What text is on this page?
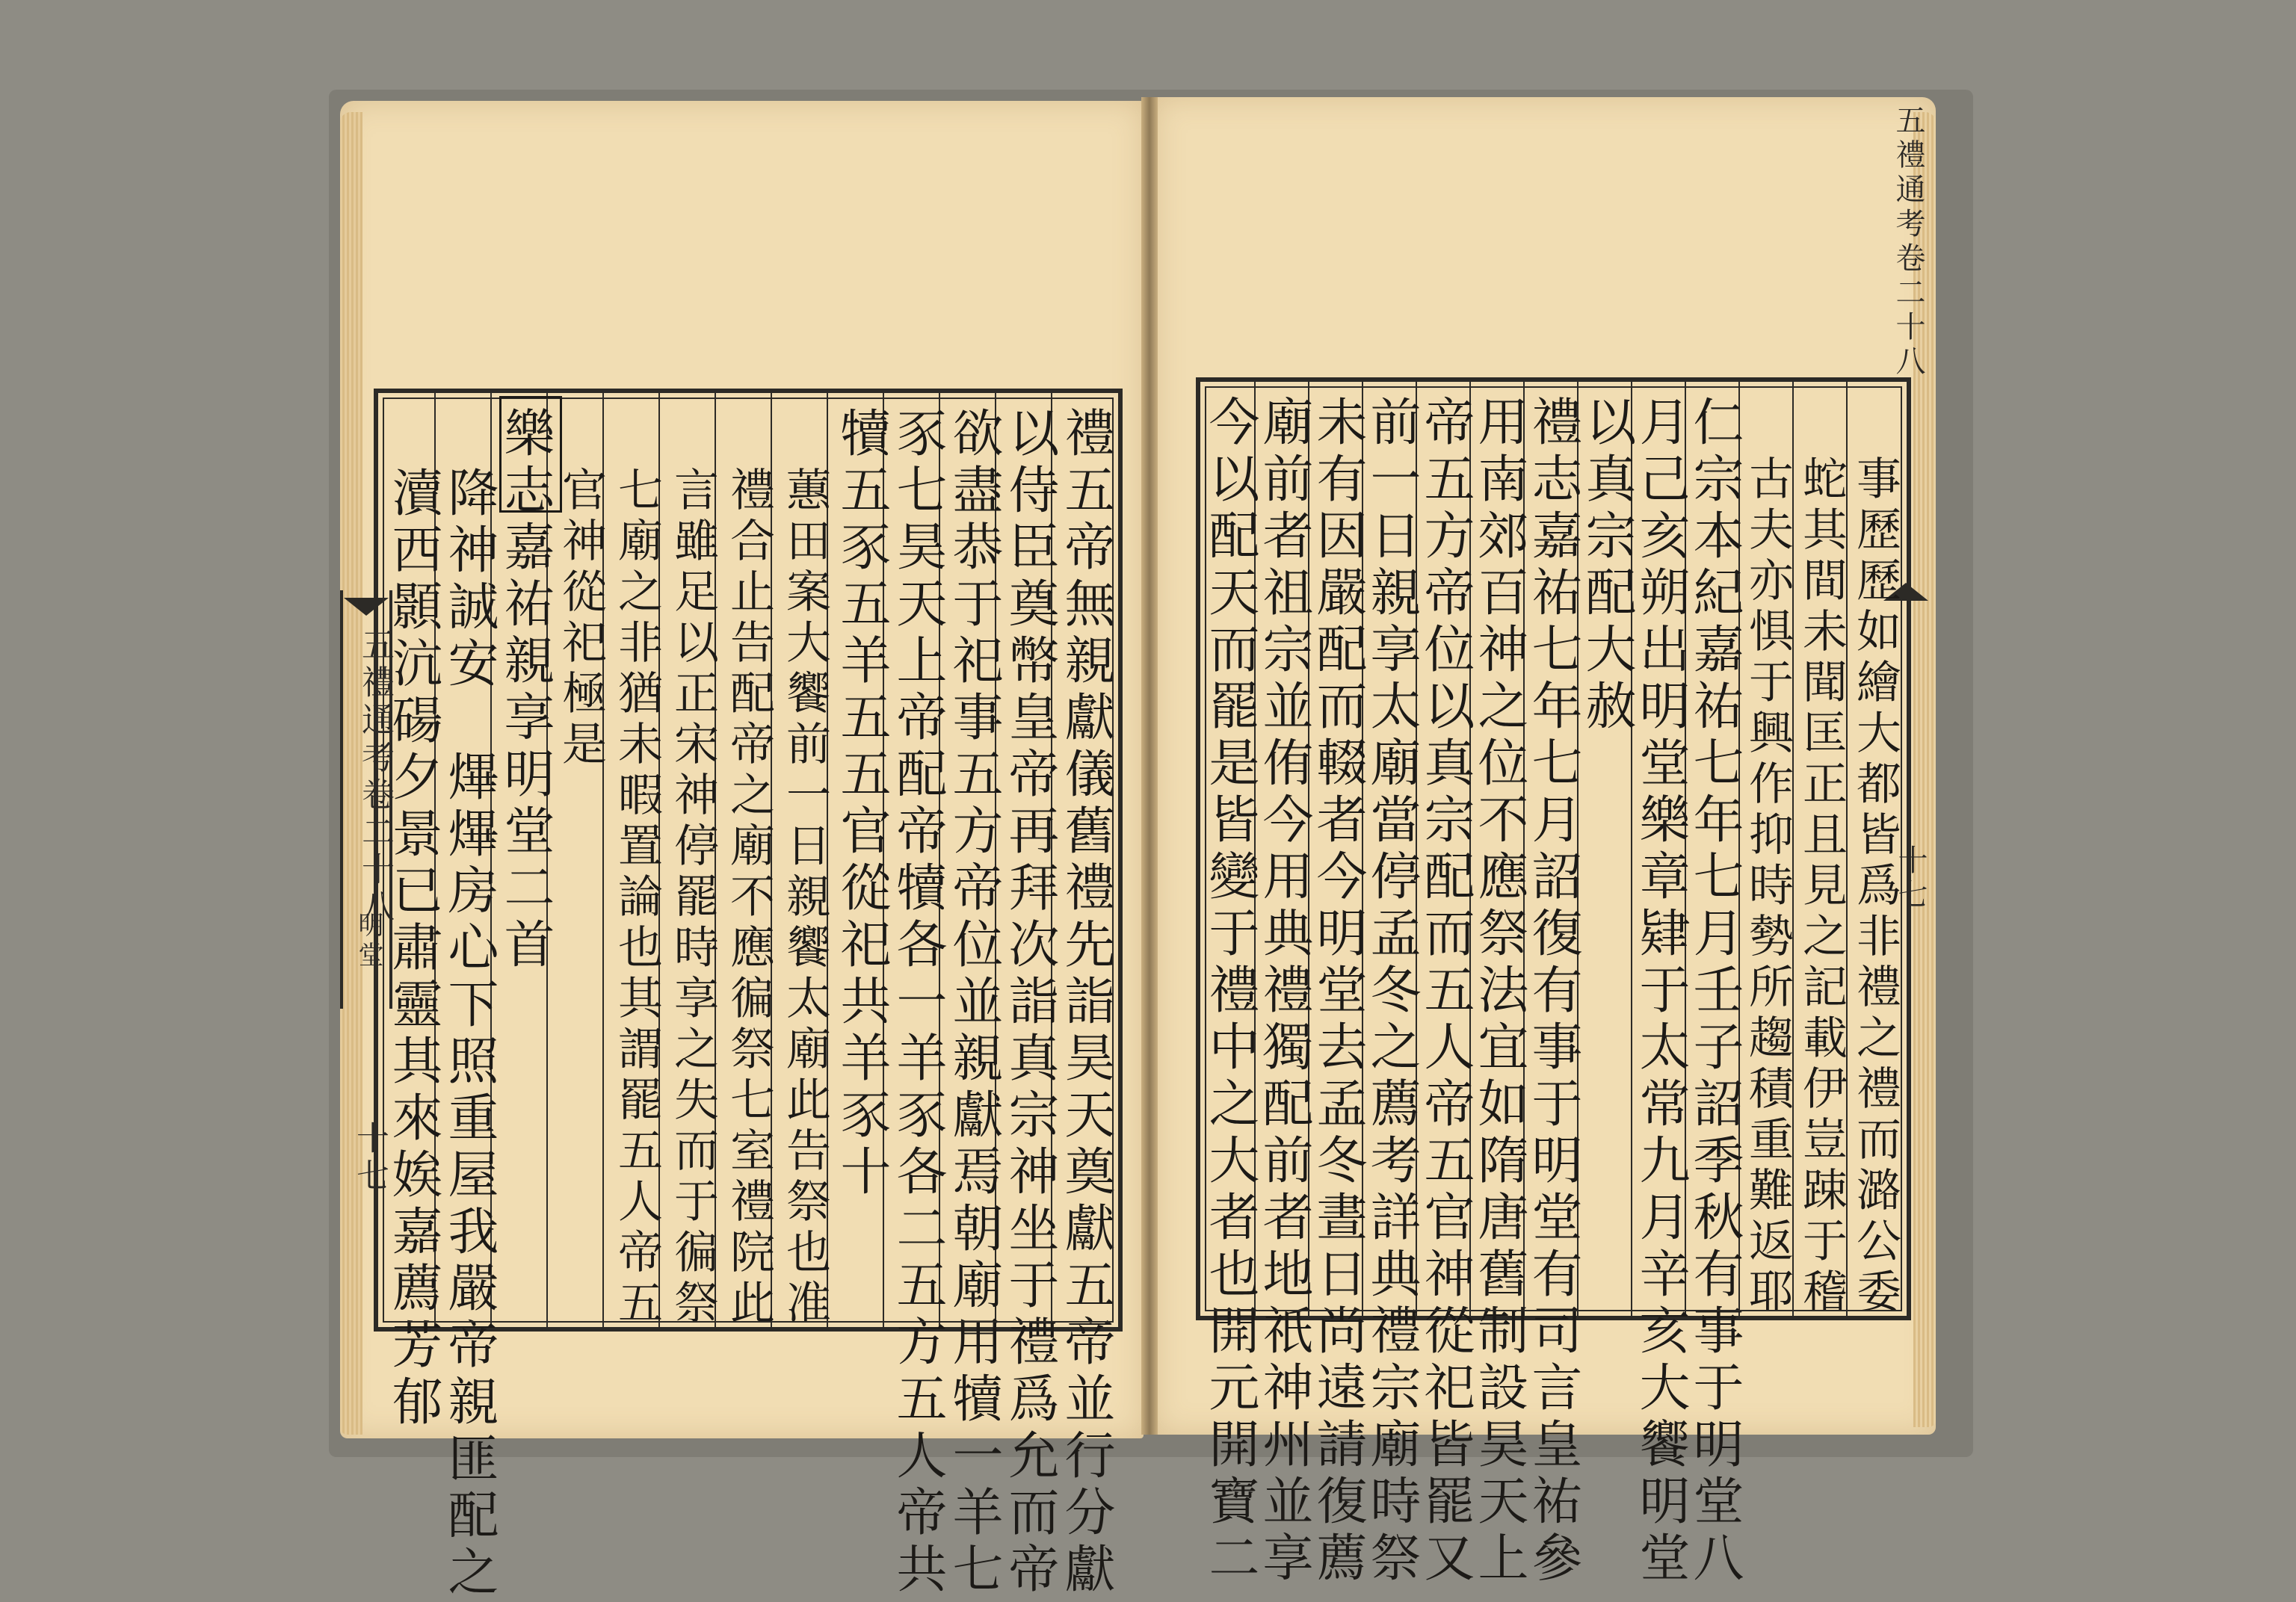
五禮通考卷二十八
明堂
十七	禮五帝無親獻儀舊禮先詣昊天奠獻五帝並行分獻
以侍臣奠幣皇帝再拜次詣真宗神坐于禮爲允而帝
欲盡恭于祀事五方帝位並親獻焉朝廟用犢一羊七
豕七昊天上帝配帝犢各一羊豕各二五方五人帝共
犢五豕五羊五五官從祀共羊豕十
蕙田案大饗前一日親饗太廟此告祭也准
禮合止告配帝之廟不應徧祭七室禮院此
言雖足以正宋神停罷時享之失而于徧祭
七廟之非猶未暇置論也其謂罷五人帝五
官神從祀極是
樂志嘉祐親享明堂二首
降神誠安　熚熚房心下照重屋我嚴帝親匪配之
瀆西顥沆碭夕景已肅靈其來娭嘉薦芳郁
五禮通考卷二十八
十七
事歷歷如繪大都皆爲非禮之禮而潞公委
蛇其間未聞匡正且見之記載伊豈踈于稽
古夫亦惧于興作抑時勢所趨積重難返耶
仁宗本紀嘉祐七年七月壬子詔季秋有事于明堂八
月己亥朔出明堂樂章肄于太常九月辛亥大饗明堂
以真宗配大赦
禮志嘉祐七年七月詔復有事于明堂有司言皇祐參
用南郊百神之位不應祭法宜如隋唐舊制設昊天上
帝五方帝位以真宗配而五人帝五官神從祀皆罷又
前一日親享太廟當停孟冬之薦考詳典禮宗廟時祭
未有因嚴配而輟者今明堂去孟冬晝日尚遠請復薦
廟前者祖宗並侑今用典禮獨配前者地祇神州並享
今以配天而罷是皆變于禮中之大者也開元開寶二
